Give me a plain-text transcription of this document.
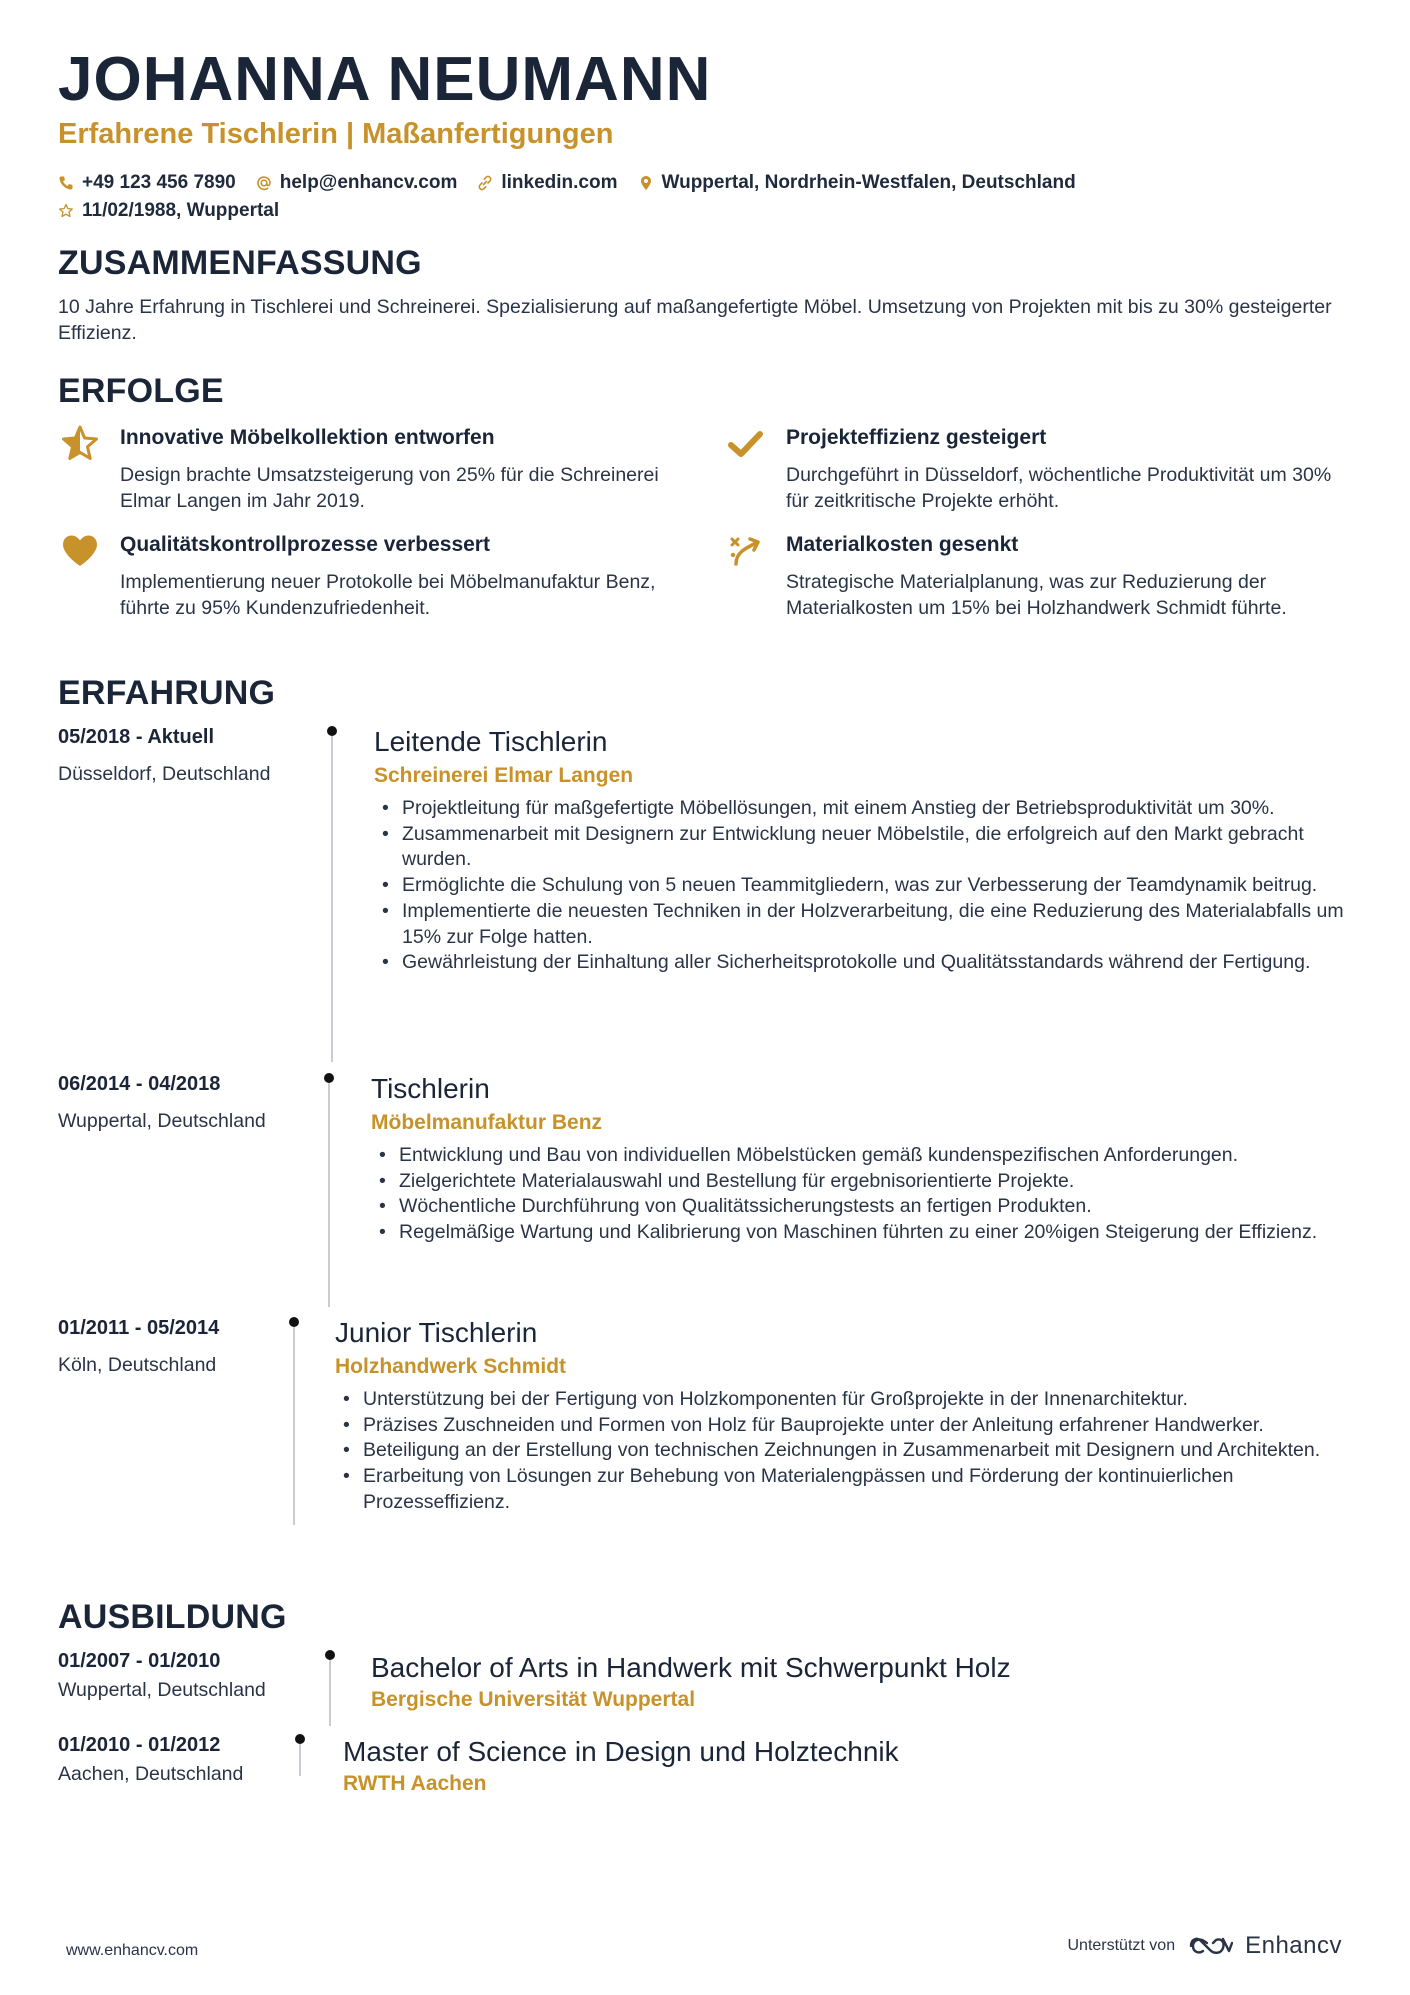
JOHANNA NEUMANN
Erfahrene Tischlerin | Maßanfertigungen
+49 123 456 7890 help@enhancv.com linkedin.com Wuppertal, Nordrhein-Westfalen, Deutschland
11/02/1988, Wuppertal
ZUSAMMENFASSUNG
10 Jahre Erfahrung in Tischlerei und Schreinerei. Spezialisierung auf maßangefertigte Möbel. Umsetzung von Projekten mit bis zu 30% gesteigerter Effizienz.
ERFOLGE
Innovative Möbelkollektion entworfen
Design brachte Umsatzsteigerung von 25% für die Schreinerei Elmar Langen im Jahr 2019.
Projekteffizienz gesteigert
Durchgeführt in Düsseldorf, wöchentliche Produktivität um 30% für zeitkritische Projekte erhöht.
Qualitätskontrollprozesse verbessert
Implementierung neuer Protokolle bei Möbelmanufaktur Benz, führte zu 95% Kundenzufriedenheit.
Materialkosten gesenkt
Strategische Materialplanung, was zur Reduzierung der Materialkosten um 15% bei Holzhandwerk Schmidt führte.
ERFAHRUNG
05/2018 - Aktuell
Düsseldorf, Deutschland
Leitende Tischlerin
Schreinerei Elmar Langen
• Projektleitung für maßgefertigte Möbellösungen, mit einem Anstieg der Betriebsproduktivität um 30%.
• Zusammenarbeit mit Designern zur Entwicklung neuer Möbelstile, die erfolgreich auf den Markt gebracht wurden.
• Ermöglichte die Schulung von 5 neuen Teammitgliedern, was zur Verbesserung der Teamdynamik beitrug.
• Implementierte die neuesten Techniken in der Holzverarbeitung, die eine Reduzierung des Materialabfalls um 15% zur Folge hatten.
• Gewährleistung der Einhaltung aller Sicherheitsprotokolle und Qualitätsstandards während der Fertigung.
06/2014 - 04/2018
Wuppertal, Deutschland
Tischlerin
Möbelmanufaktur Benz
• Entwicklung und Bau von individuellen Möbelstücken gemäß kundenspezifischen Anforderungen.
• Zielgerichtete Materialauswahl und Bestellung für ergebnisorientierte Projekte.
• Wöchentliche Durchführung von Qualitätssicherungstests an fertigen Produkten.
• Regelmäßige Wartung und Kalibrierung von Maschinen führten zu einer 20%igen Steigerung der Effizienz.
01/2011 - 05/2014
Köln, Deutschland
Junior Tischlerin
Holzhandwerk Schmidt
• Unterstützung bei der Fertigung von Holzkomponenten für Großprojekte in der Innenarchitektur.
• Präzises Zuschneiden und Formen von Holz für Bauprojekte unter der Anleitung erfahrener Handwerker.
• Beteiligung an der Erstellung von technischen Zeichnungen in Zusammenarbeit mit Designern und Architekten.
• Erarbeitung von Lösungen zur Behebung von Materialengpässen und Förderung der kontinuierlichen Prozesseffizienz.
AUSBILDUNG
01/2007 - 01/2010
Wuppertal, Deutschland
Bachelor of Arts in Handwerk mit Schwerpunkt Holz
Bergische Universität Wuppertal
01/2010 - 01/2012
Aachen, Deutschland
Master of Science in Design und Holztechnik
RWTH Aachen
www.enhancv.com	Unterstützt von	Enhancv
